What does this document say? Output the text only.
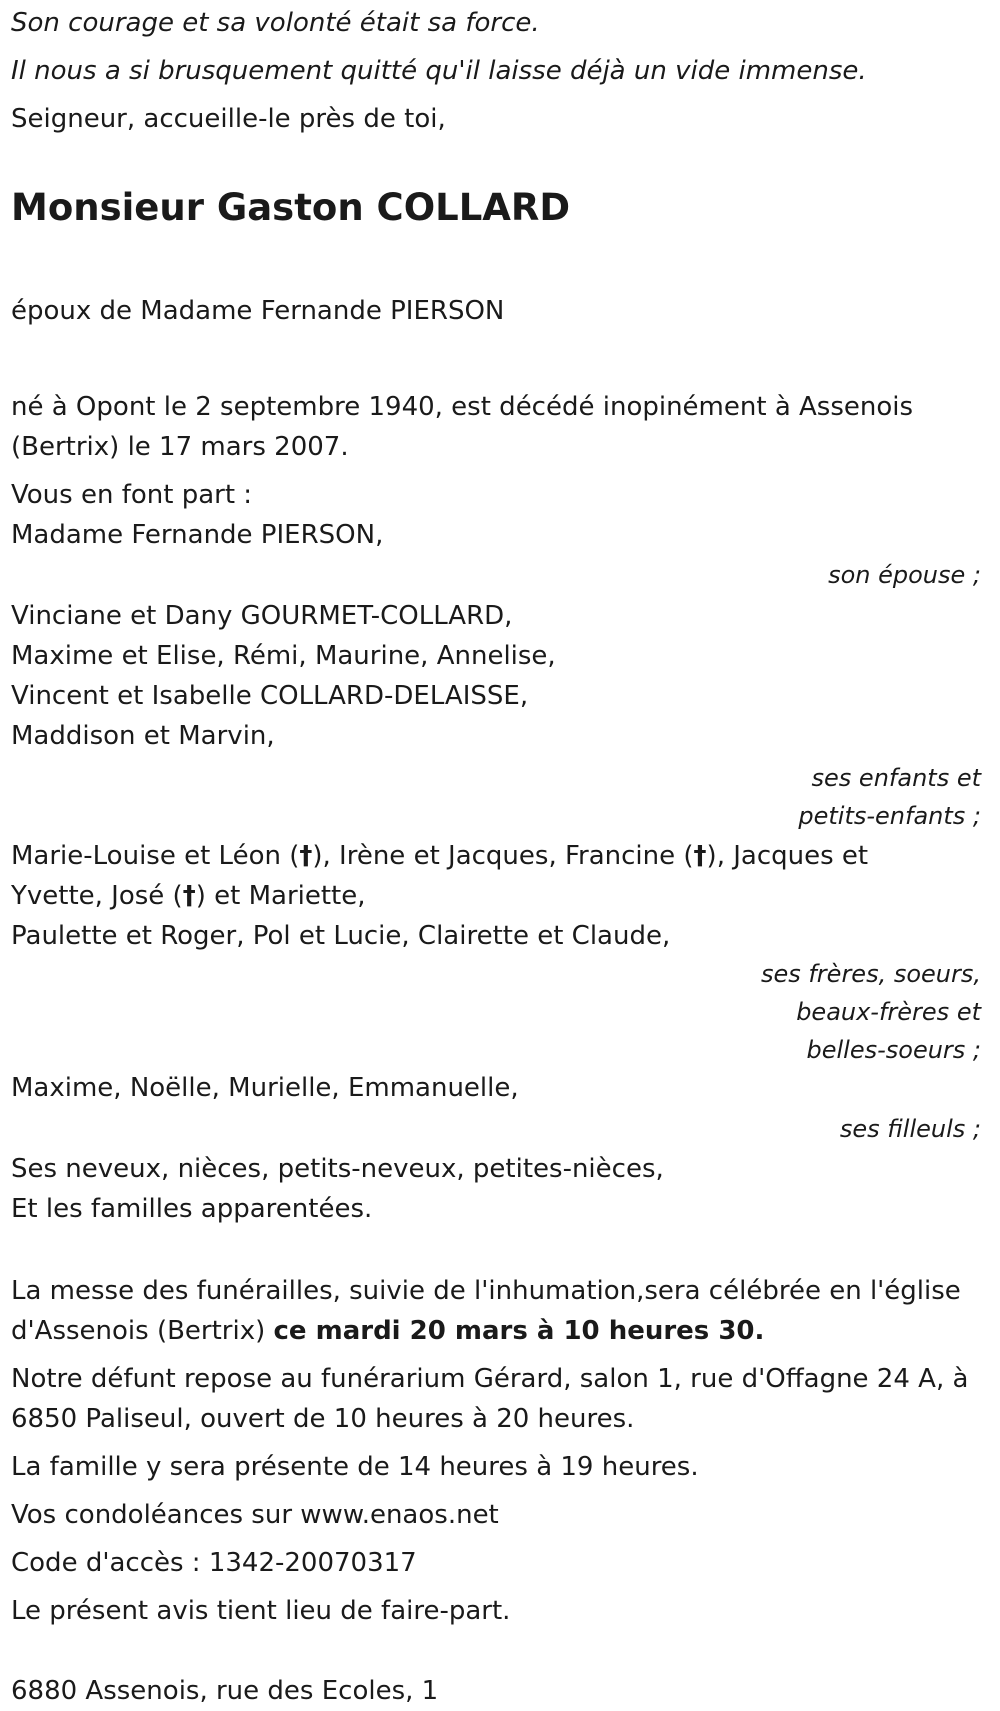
Son courage et sa volonté était sa force.

Il nous a si brusquement quitté qu'il laisse déjà un vide immense.

Seigneur, accueille-le près de toi,

Monsieur Gaston COLLARD

époux de Madame Fernande PIERSON

né à Opont le 2 septembre 1940, est décédé inopinément à Assenois

(Bertrix) le 17 mars 2007.

Vous en font part :

Madame Fernande PIERSON,

son épouse ;

Vinciane et Dany GOURMET-COLLARD,

Maxime et Elise, Rémi, Maurine, Annelise,

Vincent et Isabelle COLLARD-DELAISSE,

Maddison et Marvin,

ses enfants et

petits-enfants ;

Marie-Louise et Léon (†), Irène et Jacques, Francine (†), Jacques et

Yvette, José (†) et Mariette,

Paulette et Roger, Pol et Lucie, Clairette et Claude,

ses frères, soeurs,

beaux-frères et

belles-soeurs ;

Maxime, Noëlle, Murielle, Emmanuelle,

ses filleuls ;

Ses neveux, nièces, petits-neveux, petites-nièces,

Et les familles apparentées.

La messe des funérailles, suivie de l'inhumation,sera célébrée en l'église

d'Assenois (Bertrix) ce mardi 20 mars à 10 heures 30.

Notre défunt repose au funérarium Gérard, salon 1, rue d'Offagne 24 A, à

6850 Paliseul, ouvert de 10 heures à 20 heures.

La famille y sera présente de 14 heures à 19 heures.

Vos condoléances sur www.enaos.net

Code d'accès : 1342-20070317

Le présent avis tient lieu de faire-part.

6880 Assenois, rue des Ecoles, 1
